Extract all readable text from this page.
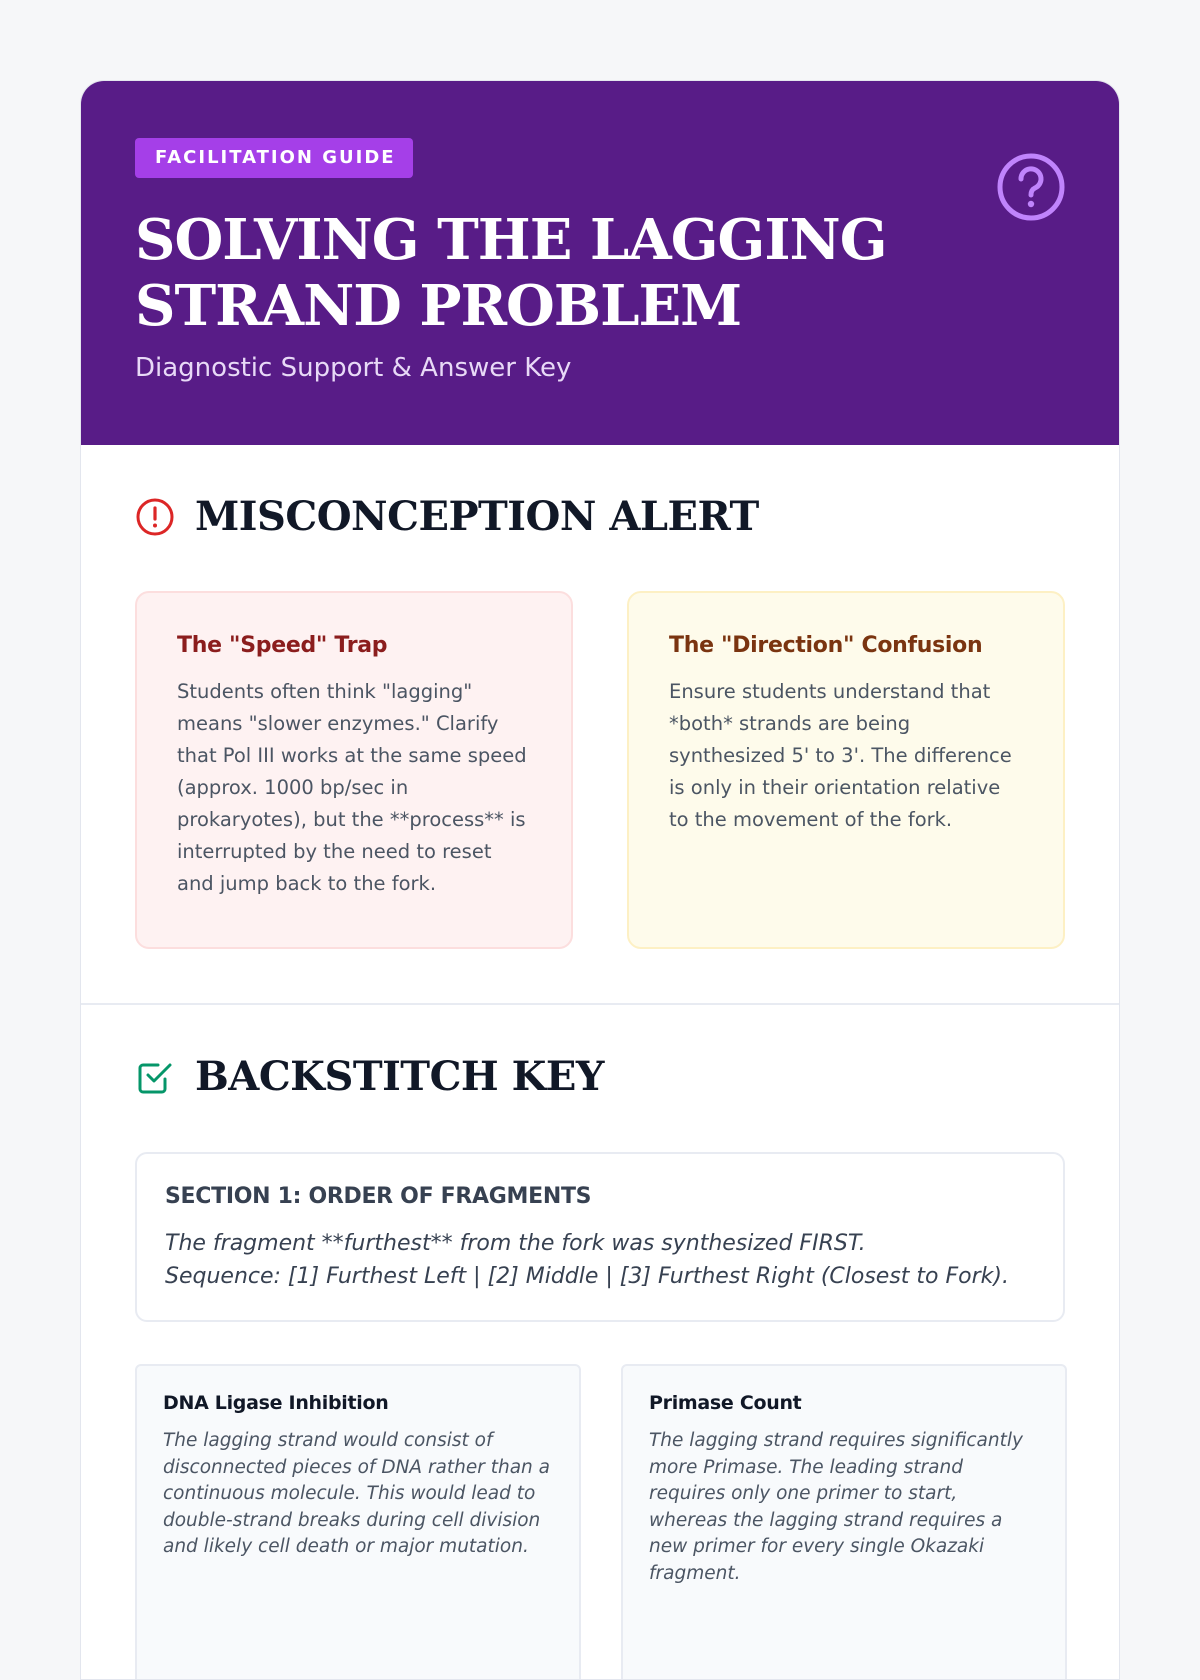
FACILITATION GUIDE
SOLVING THE LAGGING STRAND PROBLEM
Diagnostic Support & Answer Key
MISCONCEPTION ALERT
The "Speed" Trap

Students often think "lagging" means "slower enzymes." Clarify that Pol III works at the same speed (approx. 1000 bp/sec in prokaryotes), but the **process** is interrupted by the need to reset and jump back to the fork.

The "Direction" Confusion

Ensure students understand that *both* strands are being synthesized 5' to 3'. The difference is only in their orientation relative to the movement of the fork.

BACKSTITCH KEY
SECTION 1: ORDER OF FRAGMENTS

The fragment **furthest** from the fork was synthesized FIRST.

Sequence: [1] Furthest Left | [2] Middle | [3] Furthest Right (Closest to Fork).

DNA Ligase Inhibition

The lagging strand would consist of disconnected pieces of DNA rather than a continuous molecule. This would lead to double-strand breaks during cell division and likely cell death or major mutation.

Primase Count

The lagging strand requires significantly more Primase. The leading strand requires only one primer to start, whereas the lagging strand requires a new primer for every single Okazaki fragment.
